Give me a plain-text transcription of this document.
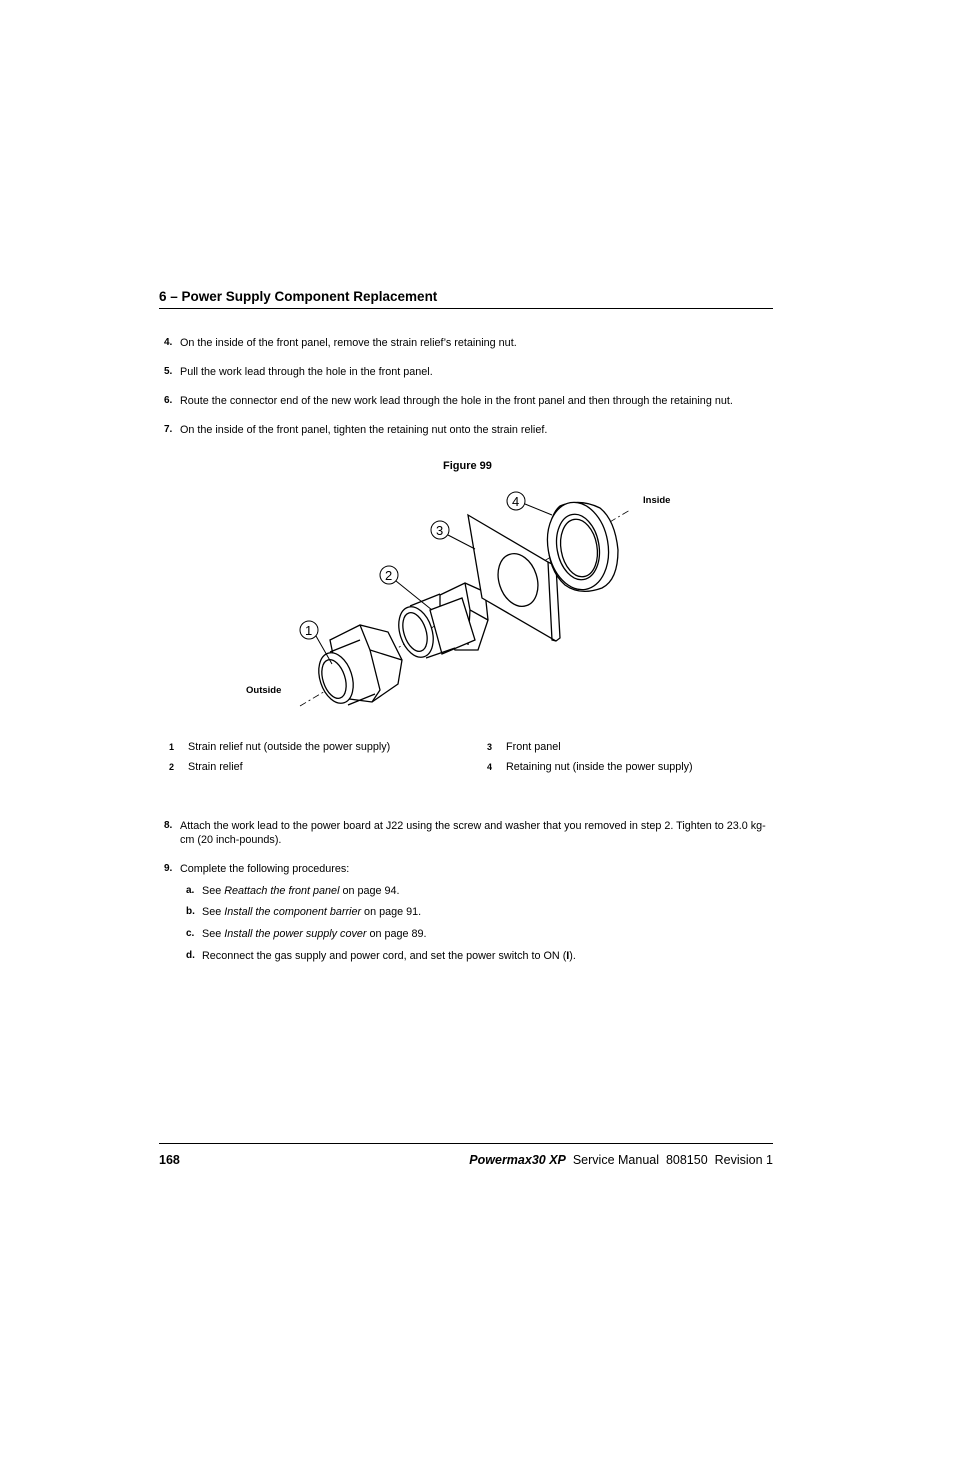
6 – Power Supply Component Replacement
4. On the inside of the front panel, remove the strain relief’s retaining nut.
5. Pull the work lead through the hole in the front panel.
6. Route the connector end of the new work lead through the hole in the front panel and then through the retaining nut.
7. On the inside of the front panel, tighten the retaining nut onto the strain relief.
Figure 99
1
2
3
4	Inside
Outside
1 Strain relief nut (outside the power supply)
2 Strain relief
3 Front panel
4 Retaining nut (inside the power supply)
8. Attach the work lead to the power board at J22 using the screw and washer that you removed in step 2. Tighten to 23.0 kg-cm (20 inch-pounds).
9. Complete the following procedures:
a. See Reattach the front panel on page 94.
b. See Install the component barrier on page 91.
c. See Install the power supply cover on page 89.
d. Reconnect the gas supply and power cord, and set the power switch to ON (I).
168	Powermax30 XP Service Manual 808150 Revision 1
